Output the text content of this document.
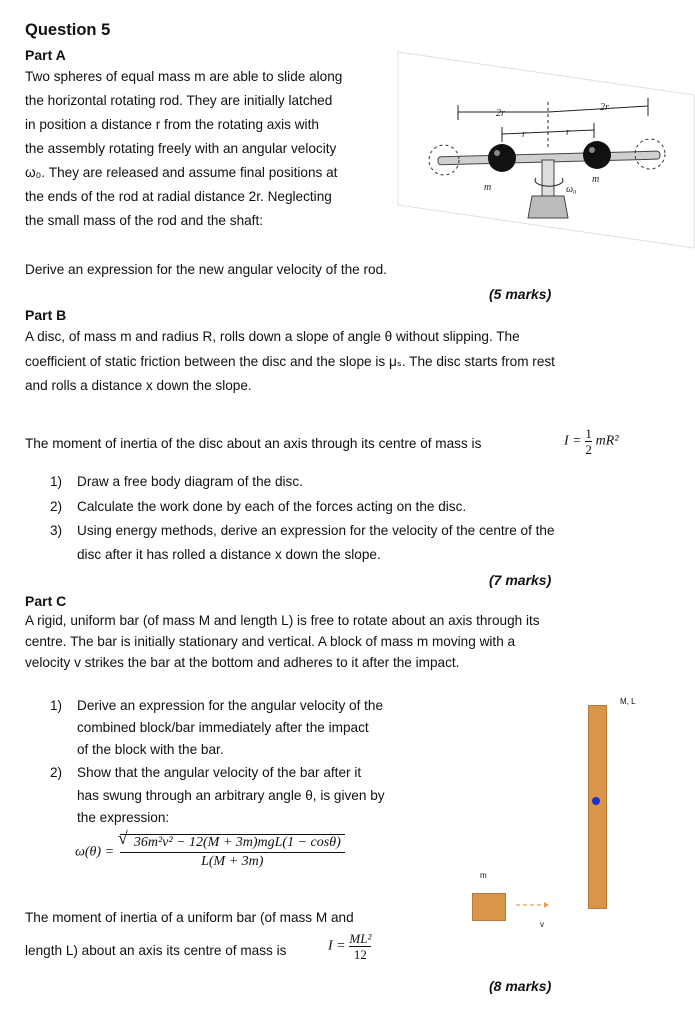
Question 5
Part A
Two spheres of equal mass m are able to slide along
the horizontal rotating rod. They are initially latched
in position a distance r from the rotating axis with
the assembly rotating freely with an angular velocity
ω₀. They are released and assume final positions at
the ends of the rod at radial distance 2r. Neglecting
the small mass of the rod and the shaft:
2r
2r
r	r
m
m
ω₀
Derive an expression for the new angular velocity of the rod.
(5 marks)
Part B
A disc, of mass m and radius R, rolls down a slope of angle θ without slipping. The
coefficient of static friction between the disc and the slope is μₛ. The disc starts from rest
and rolls a distance x down the slope.
The moment of inertia of the disc about an axis through its centre of mass is	$I = \frac{1}{2} mR^2$
1) Draw a free body diagram of the disc.
2) Calculate the work done by each of the forces acting on the disc.
3) Using energy methods, derive an expression for the velocity of the centre of the
disc after it has rolled a distance x down the slope.
(7 marks)
Part C
A rigid, uniform bar (of mass M and length L) is free to rotate about an axis through its
centre. The bar is initially stationary and vertical. A block of mass m moving with a
velocity v strikes the bar at the bottom and adheres to it after the impact.
1) Derive an expression for the angular velocity of the
combined block/bar immediately after the impact
of the block with the bar.
2) Show that the angular velocity of the bar after it
has swung through an arbitrary angle θ, is given by
the expression:
$\omega(\theta) = \frac{\text{√ 36m²v² − 12(M + 3m)mgL(1 − cosθ)}}{L(M + 3m)}$
The moment of inertia of a uniform bar (of mass M and
length L) about an axis its centre of mass is	$I = \frac{\text{ML²}}{12}$
(8 marks)
M, L
m
v
